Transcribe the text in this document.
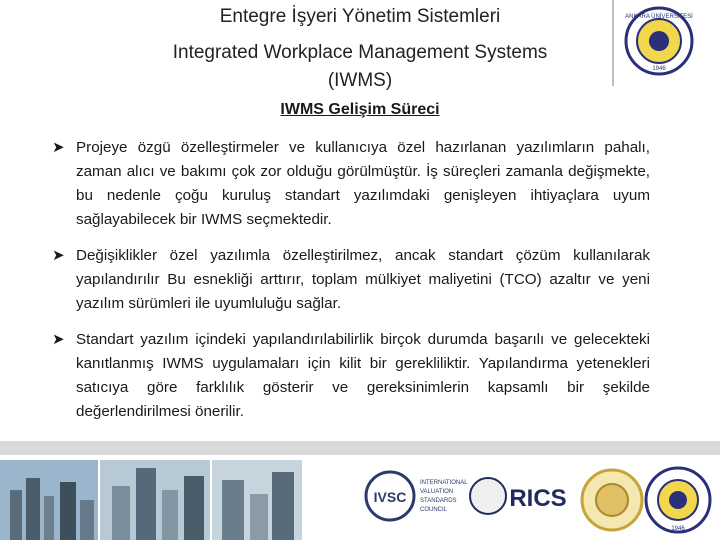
Entegre İşyeri Yönetim Sistemleri
Integrated Workplace Management Systems
(IWMS)
ANKARA ÜNİVERSİTESİ
1946
IWMS Gelişim Süreci
➤ Projeye özgü özelleştirmeler ve kullanıcıya özel hazırlanan yazılımların pahalı, zaman alıcı ve bakımı çok zor olduğu görülmüştür. İş süreçleri zamanla değişmekte, bu nedenle çoğu kuruluş standart yazılımdaki genişleyen ihtiyaçlara uyum sağlayabilecek bir IWMS seçmektedir.
➤ Değişiklikler özel yazılımla özelleştirilmez, ancak standart çözüm kullanılarak yapılandırılır Bu esnekliği arttırır, toplam mülkiyet maliyetini (TCO) azaltır ve yeni yazılım sürümleri ile uyumluluğu sağlar.
➤ Standart yazılım içindeki yapılandırılabilirlik birçok durumda başarılı ve gelecekteki kanıtlanmış IWMS uygulamaları için kilit bir gerekliliktir. Yapılandırma yetenekleri satıcıya göre farklılık gösterir ve gereksinimlerin kapsamlı bir şekilde değerlendirilmesi önerilir.
IVSC
INTERNATIONAL VALUATION STANDARDS COUNCIL	RICS
1946
